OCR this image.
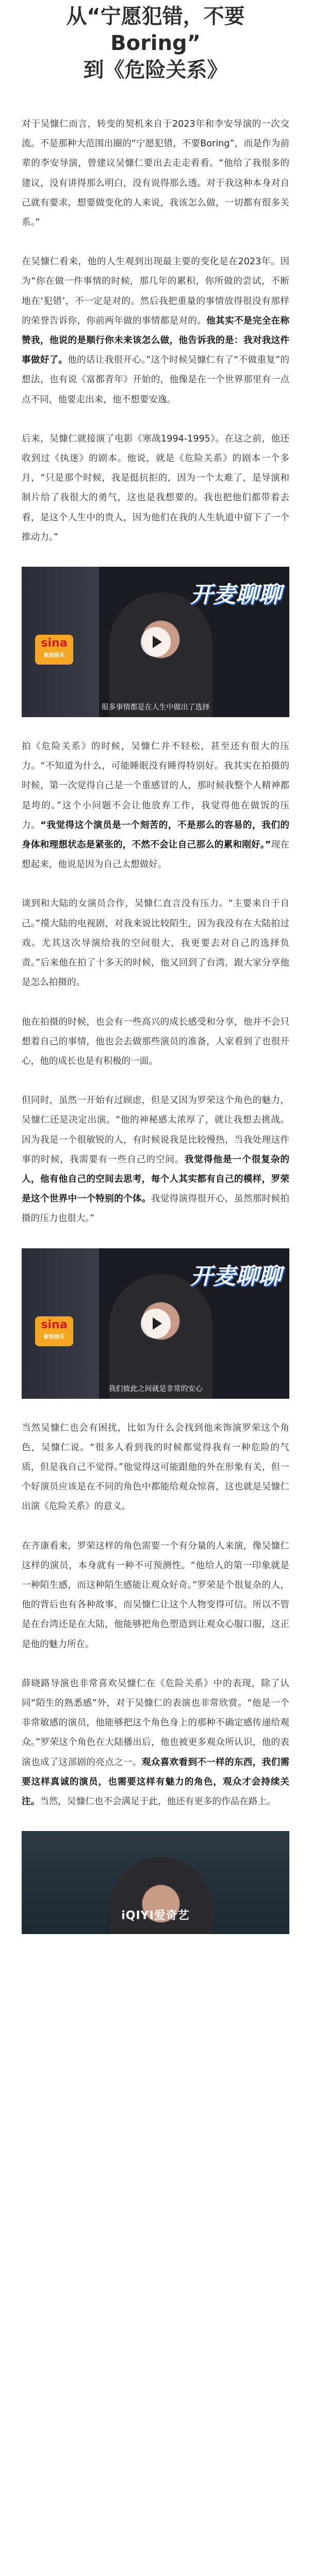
从“宁愿犯错，不要Boring”
到《危险关系》

对于吴慷仁而言，转变的契机来自于2023年和李安导演的一次交流。不是那种大范围出圈的“宁愿犯错，不要Boring”，而是作为前辈的李安导演，曾建议吴慷仁要出去走走看看。“他给了我很多的建议，没有讲得那么明白，没有说得那么透。对于我这种本身对自己就有要求，想要做变化的人来说，我该怎么做，一切都有很多关系。”

在吴慷仁看来，他的人生观到出现最主要的变化是在2023年。因为“你在做一件事情的时候，那几年的累积，你所做的尝试，不断地在‘犯错’，不一定是对的。然后我把重量的事情放得很没有那样的荣誉告诉你，你前两年做的事情都是对的。他其实不是完全在称赞我，他说的是顺行你未来该怎么做，他告诉我的是：我对我这件事做好了。他的话让我很开心。”这个时候吴慷仁有了“不做重复”的想法，也有说《富都青年》开始的，他像是在一个世界那里有一点点不同，他要走出来，他不想要安逸。

后来，吴慷仁就接演了电影《寒战1994-1995》。在这之前，他还收到过《执迷》的剧本。他说，就是《危险关系》的剧本一个多月，“只是那个时候，我是挺抗拒的，因为一个太难了，是导演和制片给了我很大的勇气，这也是我想要的。我也把他们都带着去看，是这个人生中的贵人，因为他们在我的人生轨道中留下了一个推动力。”

开麦聊聊
sina
新浪娱乐
很多事情都是在人生中做出了选择

拍《危险关系》的时候，吴慷仁并不轻松，甚至还有很大的压力。“不知道为什么，可能睡眠没有睡得特别好。我其实在拍摄的时候，第一次觉得自己是一个重感冒的人，那时候我整个人精神都是垮的。”这个小问题不会让他放弃工作，我觉得他在做饭的压力。“我觉得这个演员是一个刻苦的，不是那么的容易的，我们的身体和理想状态是紧张的，不然不会让自己那么的累和刚好。”现在想起来，他说是因为自己太想做好。

谈到和大陆的女演员合作，吴慷仁直言没有压力。“主要来自于自己。”摸大陆的电视剧，对我来说比较陌生，因为我没有在大陆拍过戏。尤其这次导演给我的空间很大，我更要去对自己的选择负责。”后来他在拍了十多天的时候，他又回到了台湾，跟大家分享他是怎么拍摄的。

他在拍摄的时候，也会有一些高兴的成长感受和分享，他并不会只想着自己的事情，他也会去做那些演员的准备，人家看到了也很开心，他的成长也是有积极的一面。

但同时，虽然一开始有过顾虑，但是又因为罗荣这个角色的魅力，吴慷仁还是决定出演。“他的神秘感太浓厚了，就让我想去挑战。因为我是一个很敏锐的人，有时候说我是比较慢热，当我处理这件事的时候，我需要有一些自己的空间。我觉得他是一个很复杂的人，他有他自己的空间去思考，每个人其实都有自己的模样，罗荣是这个世界中一个特别的个体。我觉得演得很开心，虽然那时候拍摄的压力也很大。”

开麦聊聊
sina
新浪娱乐
我们彼此之间就是非常的安心

当然吴慷仁也会有困扰，比如为什么会找到他来饰演罗荣这个角色，吴慷仁说。“很多人看到我的时候都觉得我有一种危险的气质，但是我自己不觉得。”他觉得这可能跟他的外在形象有关，但一个好演员应该是在不同的角色中都能给观众惊喜，这也就是吴慷仁出演《危险关系》的意义。

在齐康看来，罗荣这样的角色需要一个有分量的人来演，像吴慷仁这样的演员，本身就有一种不可预测性。“他给人的第一印象就是一种陌生感，而这种陌生感能让观众好奇。”罗荣是个很复杂的人，他的背后也有各种故事，而吴慷仁让这个人物变得可信。所以不管是在台湾还是在大陆，他能够把角色塑造到让观众心服口服，这正是他的魅力所在。

薛晓路导演也非常喜欢吴慷仁在《危险关系》中的表现，除了认同“陌生的熟悉感”外，对于吴慷仁的表演也非常欣赏。“他是一个非常敏感的演员，他能够把这个角色身上的那种不确定感传递给观众。”罗荣这个角色在大陆播出后，他也被更多观众所认识，他的表演也成了这部剧的亮点之一。观众喜欢看到不一样的东西，我们需要这样真诚的演员，也需要这样有魅力的角色，观众才会持续关注。当然，吴慷仁也不会满足于此，他还有更多的作品在路上。

iQIYI爱奇艺
